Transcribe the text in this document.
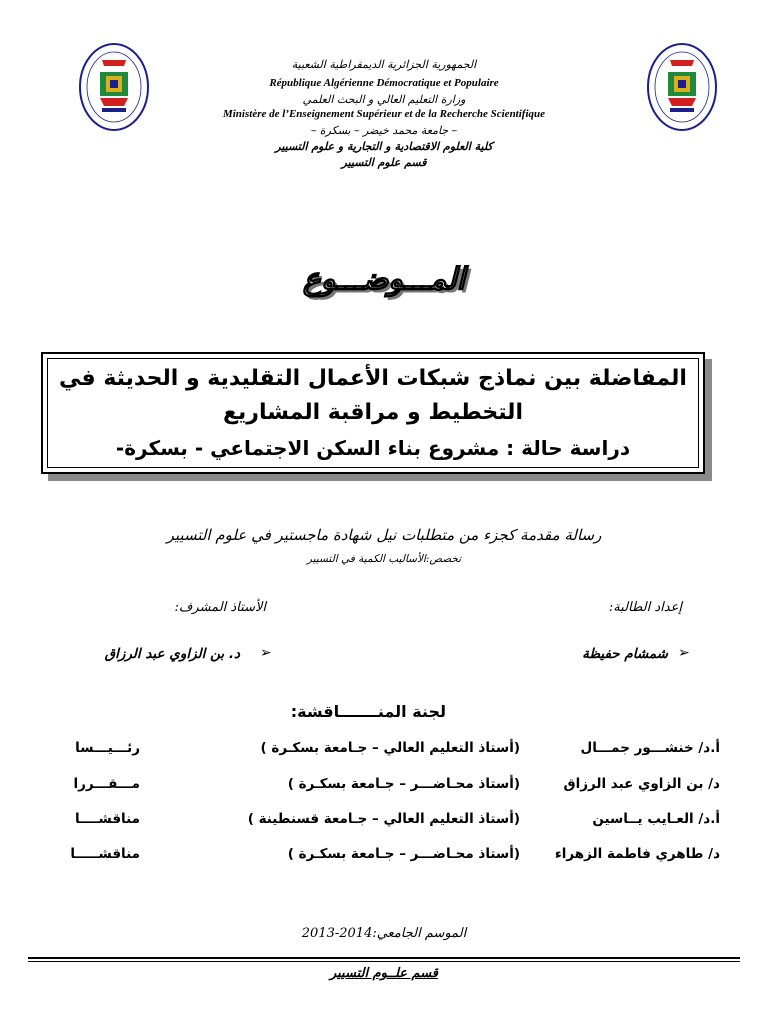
الجمهورية الجزائرية الديمقراطية الشعبية
République Algérienne Démocratique et Populaire
وزارة التعليم العالي و البحث العلمي
Ministère de l’Enseignement Supérieur et de la Recherche Scientifique
– جامعة محمد خيضر – بسكرة –
كلية العلوم الاقتصادية و التجارية و علوم التسيير
قسم علوم التسيير
المـــوضـــوع
المفاضلة بين نماذج شبكات الأعمال التقليدية و الحديثة في
التخطيط و مراقبة المشاريع
دراسة حالة : مشروع بناء السكن الاجتماعي - بسكرة-
رسالة مقدمة كجزء من متطلبات نيل شهادة ماجستير في علوم التسيير
تخصص:الأساليب الكمية في التسيير
إعداد الطالبة:
الأستاذ المشرف:
➢
شمشام حفيظة
➢
د. بن الزاوي عبد الرزاق
لجنة المنـــــــاقشة:
أ.د/ خنشـــور جمـــال
(أستاذ التعليم العالي – جـامعة بسكـرة )
رئـــيـــسا
د/ بن الزاوي عبد الرزاق
(أستاذ محـاضـــر – جـامعة بسكـرة )
مـــقـــررا
أ.د/ العـايب يــاسين
(أستاذ التعليم العالي – جـامعة قسنطينة )
مناقشــــا
د/ طاهري فاطمة الزهراء
(أستاذ محـاضـــر – جـامعة بسكـرة )
مناقشـــــا
2013-2014الموسم الجامعي:
قسم علــوم التسيير
